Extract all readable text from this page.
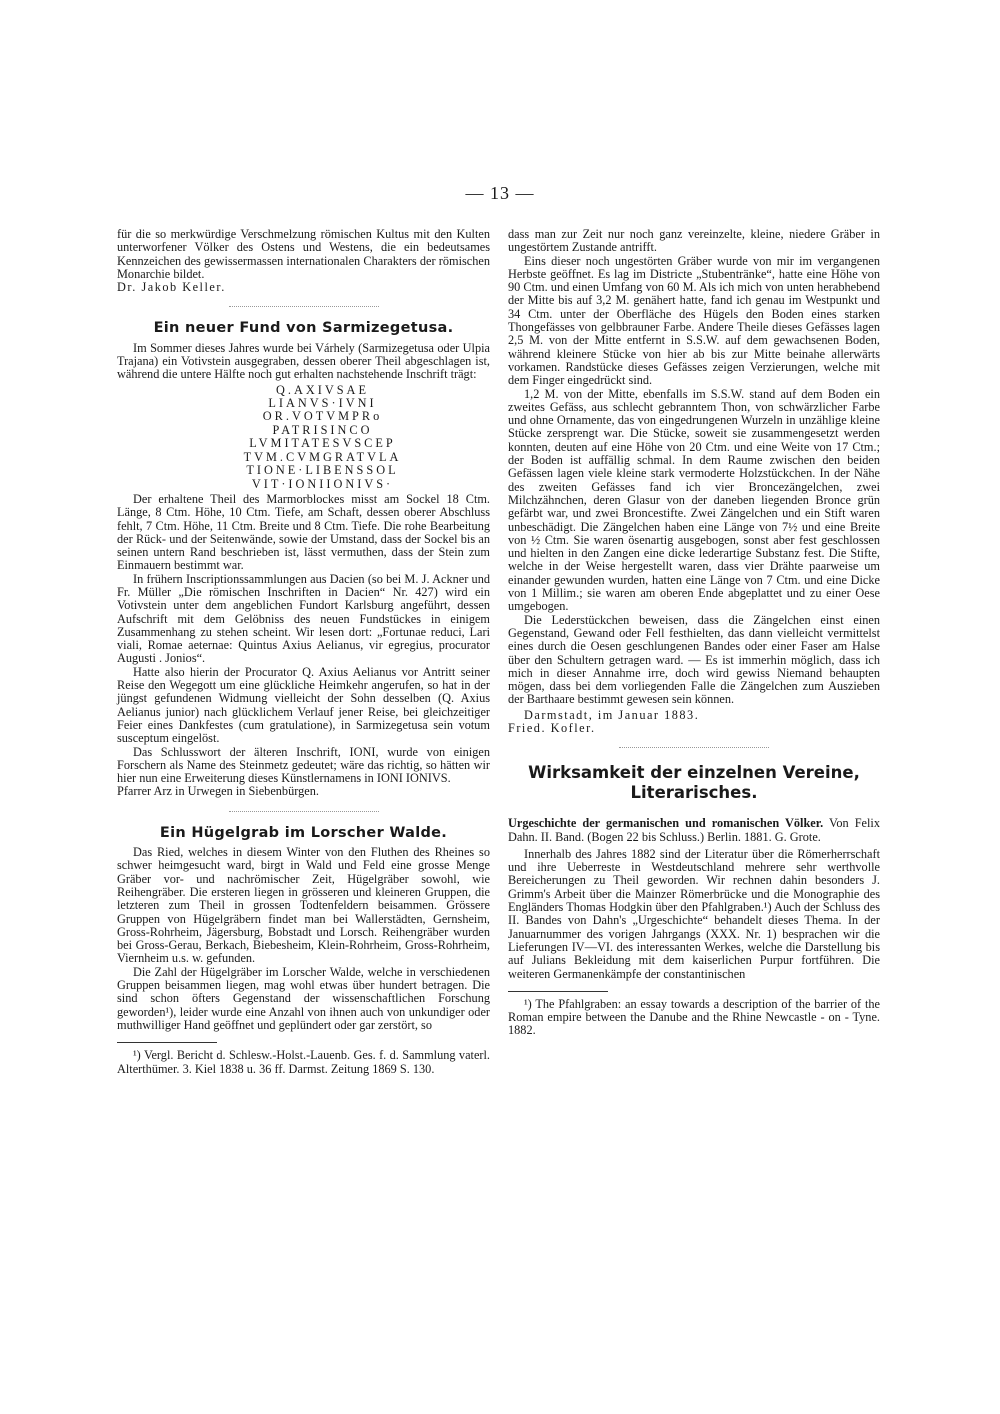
— 13 —

für die so merkwürdige Verschmelzung römischen Kultus mit den Kulten unterworfener Völker des Ostens und Westens, die ein bedeutsames Kennzeichen des gewissermassen internationalen Charakters der römischen Monarchie bildet.

Dr. Jakob Keller.

Ein neuer Fund von Sarmizegetusa.

Im Sommer dieses Jahres wurde bei Várhely (Sarmizegetusa oder Ulpia Trajana) ein Votivstein ausgegraben, dessen oberer Theil abgeschlagen ist, während die untere Hälfte noch gut erhalten nachstehende Inschrift trägt:

Q.AXIVSAE
LIANVS·IVNI
OR.VOTVMPRo
PATRISINCO
LVMITATESVSCEP
TVM.CVMGRATVLA
TIONE·LIBENSSOL
VIT·IONIIONIVS·

Der erhaltene Theil des Marmorblockes misst am Sockel 18 Ctm. Länge, 8 Ctm. Höhe, 10 Ctm. Tiefe, am Schaft, dessen oberer Abschluss fehlt, 7 Ctm. Höhe, 11 Ctm. Breite und 8 Ctm. Tiefe. Die rohe Bearbeitung der Rück- und der Seitenwände, sowie der Umstand, dass der Sockel bis an seinen untern Rand beschrieben ist, lässt vermuthen, dass der Stein zum Einmauern bestimmt war.

In frühern Inscriptionssammlungen aus Dacien (so bei M. J. Ackner und Fr. Müller „Die römischen Inschriften in Dacien“ Nr. 427) wird ein Votivstein unter dem angeblichen Fundort Karlsburg angeführt, dessen Aufschrift mit dem Gelöbniss des neuen Fundstückes in einigem Zusammenhang zu stehen scheint. Wir lesen dort: „Fortunae reduci, Lari viali, Romae aeternae: Quintus Axius Aelianus, vir egregius, procurator Augusti . Jonios“.

Hatte also hierin der Procurator Q. Axius Aelianus vor Antritt seiner Reise den Wegegott um eine glückliche Heimkehr angerufen, so hat in der jüngst gefundenen Widmung vielleicht der Sohn desselben (Q. Axius Aelianus junior) nach glücklichem Verlauf jener Reise, bei gleichzeitiger Feier eines Dankfestes (cum gratulatione), in Sarmizegetusa sein votum susceptum eingelöst.

Das Schlusswort der älteren Inschrift, IONI, wurde von einigen Forschern als Name des Steinmetz gedeutet; wäre das richtig, so hätten wir hier nun eine Erweiterung dieses Künstlernamens in IONI IONIVS.

Pfarrer Arz in Urwegen in Siebenbürgen.

Ein Hügelgrab im Lorscher Walde.

Das Ried, welches in diesem Winter von den Fluthen des Rheines so schwer heimgesucht ward, birgt in Wald und Feld eine grosse Menge Gräber vor- und nachrömischer Zeit, Hügelgräber sowohl, wie Reihengräber. Die ersteren liegen in grösseren und kleineren Gruppen, die letzteren zum Theil in grossen Todtenfeldern beisammen. Grössere Gruppen von Hügelgräbern findet man bei Wallerstädten, Gernsheim, Gross-Rohrheim, Jägersburg, Bobstadt und Lorsch. Reihengräber wurden bei Gross-Gerau, Berkach, Biebesheim, Klein-Rohrheim, Gross-Rohrheim, Viernheim u.s. w. gefunden.

Die Zahl der Hügelgräber im Lorscher Walde, welche in verschiedenen Gruppen beisammen liegen, mag wohl etwas über hundert betragen. Die sind schon öfters Gegenstand der wissenschaftlichen Forschung geworden¹), leider wurde eine Anzahl von ihnen auch von unkundiger oder muthwilliger Hand geöffnet und geplündert oder gar zerstört, so

¹) Vergl. Bericht d. Schlesw.-Holst.-Lauenb. Ges. f. d. Sammlung vaterl. Alterthümer. 3. Kiel 1838 u. 36 ff. Darmst. Zeitung 1869 S. 130.

dass man zur Zeit nur noch ganz vereinzelte, kleine, niedere Gräber in ungestörtem Zustande antrifft.

Eins dieser noch ungestörten Gräber wurde von mir im vergangenen Herbste geöffnet. Es lag im Districte „Stubentränke“, hatte eine Höhe von 90 Ctm. und einen Umfang von 60 M. Als ich mich von unten herabhebend der Mitte bis auf 3,2 M. genähert hatte, fand ich genau im Westpunkt und 34 Ctm. unter der Oberfläche des Hügels den Boden eines starken Thongefässes von gelbbrauner Farbe. Andere Theile dieses Gefässes lagen 2,5 M. von der Mitte entfernt in S.S.W. auf dem gewachsenen Boden, während kleinere Stücke von hier ab bis zur Mitte beinahe allerwärts vorkamen. Randstücke dieses Gefässes zeigen Verzierungen, welche mit dem Finger eingedrückt sind.

1,2 M. von der Mitte, ebenfalls im S.S.W. stand auf dem Boden ein zweites Gefäss, aus schlecht gebranntem Thon, von schwärzlicher Farbe und ohne Ornamente, das von eingedrungenen Wurzeln in unzählige kleine Stücke zersprengt war. Die Stücke, soweit sie zusammengesetzt werden konnten, deuten auf eine Höhe von 20 Ctm. und eine Weite von 17 Ctm.; der Boden ist auffällig schmal. In dem Raume zwischen den beiden Gefässen lagen viele kleine stark vermoderte Holzstückchen. In der Nähe des zweiten Gefässes fand ich vier Broncezängelchen, zwei Milchzähnchen, deren Glasur von der daneben liegenden Bronce grün gefärbt war, und zwei Broncestifte. Zwei Zängelchen und ein Stift waren unbeschädigt. Die Zängelchen haben eine Länge von 7½ und eine Breite von ½ Ctm. Sie waren ösenartig ausgebogen, sonst aber fest geschlossen und hielten in den Zangen eine dicke lederartige Substanz fest. Die Stifte, welche in der Weise hergestellt waren, dass vier Drähte paarweise um einander gewunden wurden, hatten eine Länge von 7 Ctm. und eine Dicke von 1 Millim.; sie waren am oberen Ende abgeplattet und zu einer Oese umgebogen.

Die Lederstückchen beweisen, dass die Zängelchen einst einen Gegenstand, Gewand oder Fell festhielten, das dann vielleicht vermittelst eines durch die Oesen geschlungenen Bandes oder einer Faser am Halse über den Schultern getragen ward. — Es ist immerhin möglich, dass ich mich in dieser Annahme irre, doch wird gewiss Niemand behaupten mögen, dass bei dem vorliegenden Falle die Zängelchen zum Auszieben der Barthaare bestimmt gewesen sein können.

Darmstadt, im Januar 1883.

Fried. Kofler.

Wirksamkeit der einzelnen Vereine, Literarisches.

Urgeschichte der germanischen und romanischen Völker. Von Felix Dahn. II. Band. (Bogen 22 bis Schluss.) Berlin. 1881. G. Grote.

Innerhalb des Jahres 1882 sind der Literatur über die Römerherrschaft und ihre Ueberreste in Westdeutschland mehrere sehr werthvolle Bereicherungen zu Theil geworden. Wir rechnen dahin besonders J. Grimm's Arbeit über die Mainzer Römerbrücke und die Monographie des Engländers Thomas Hodgkin über den Pfahlgraben.¹) Auch der Schluss des II. Bandes von Dahn's „Urgeschichte“ behandelt dieses Thema. In der Januarnummer des vorigen Jahrgangs (XXX. Nr. 1) besprachen wir die Lieferungen IV—VI. des interessanten Werkes, welche die Darstellung bis auf Julians Bekleidung mit dem kaiserlichen Purpur fortführen. Die weiteren Germanenkämpfe der constantinischen

¹) The Pfahlgraben: an essay towards a description of the barrier of the Roman empire between the Danube and the Rhine Newcastle - on - Tyne. 1882.
